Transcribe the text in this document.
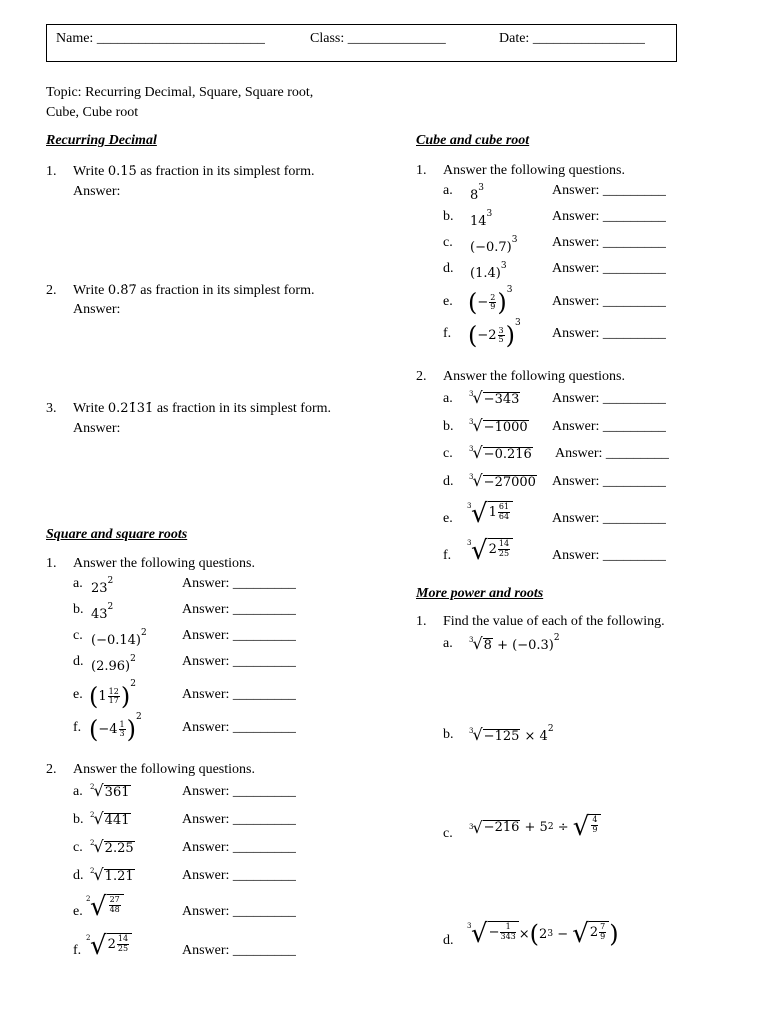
Name: ________________________	Class: ______________	Date: ________________
Topic: Recurring Decimal, Square, Square root,
Cube, Cube root
Recurring Decimal
1. Write 0.15̇ as fraction in its simplest form.
Answer:
2. Write 0.8̇7̇ as fraction in its simplest form.
Answer:
3. Write 0.21̇31̇ as fraction in its simplest form.
Answer:
Square and square roots
1. Answer the following questions.
a. $23^2$	Answer: _________
b. $43^2$	Answer: _________
c. $(-0.14)^2$	Answer: _________
d. $(2.96)^2$	Answer: _________
e. $(1 \frac{12}{17} )^2$
Answer: _________
f. $(-4 \frac{1}{3} )^2$
Answer: _________
2. Answer the following questions.
a. $^2$√361	Answer: _________
b. $^2$√441	Answer: _________
c. $^2$√2.25	Answer: _________
d. $^2$√1.21	Answer: _________
e.
2 √ $\frac{27}{48}$	Answer: _________
f.
2 √ $2 \frac{14}{25}$	Answer: _________
Cube and cube root
1. Answer the following questions.
a. $8^3$	Answer: _________
b. $14^3$	Answer: _________
c. $(-0.7)^3$ Answer: _________
d. $(1.4)^3$	Answer: _________
e. (− $\frac{2}{9} )^3$
Answer: _________
f. $(-2 \frac{3}{5} )^3$
Answer: _________
2. Answer the following questions.
a. $^3$√−343 Answer: _________
b. $^3$√−1000 Answer: _________
c. $^3$√−0.216 Answer: _________
d. $^3$√−27000 Answer: _________
e.
3 √ $1 \frac{61}{64}$	Answer: _________
f.
3 √ $2 \frac{14}{25}$	Answer: _________
More power and roots
1. Find the value of each of the following.
a. $^3√8 + (-0.3)^2$
b. $^3√-125 \times 4^2$
c. 3 √ −216
+ 5 2
÷
√ $\frac{4}{9}$
d.
3 √ − $\frac{1}{343}$ × ( 2 3
−
√ $2 \frac{7}{9}$ )
